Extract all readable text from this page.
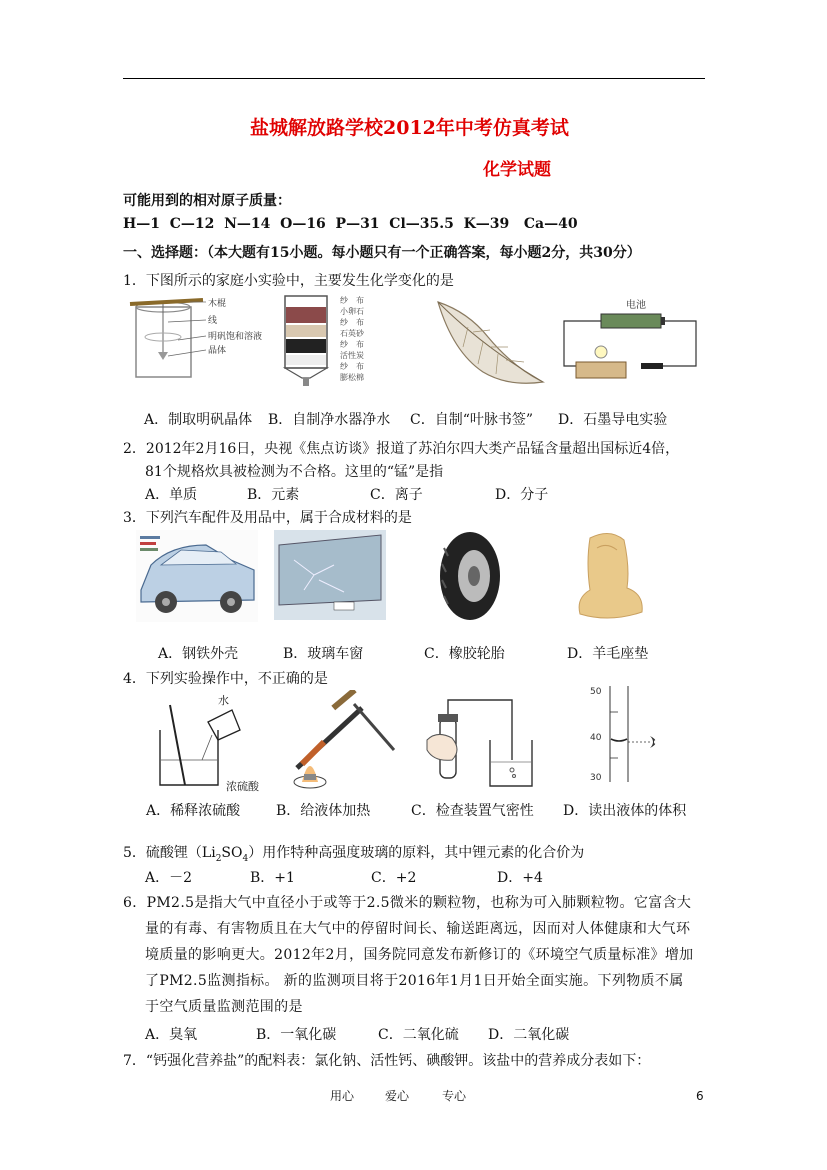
盐城解放路学校2012年中考仿真考试
化学试题
可能用到的相对原子质量：
H—1  C—12  N—14  O—16  P—31  Cl—35.5  K—39   Ca—40
一、选择题：（本大题有15小题。每小题只有一个正确答案，每小题2分，共30分）
1．下图所示的家庭小实验中，主要发生化学变化的是
木棍
线
明矾饱和溶液
晶体
纱　布
小卵石
纱　布
石英砂
纱　布
活性炭
纱　布
膨松棉
电池
A．制取明矾晶体 B．自制净水器净水 C．自制“叶脉书签” D．石墨导电实验
2．2012年2月16日，央视《焦点访谈》报道了苏泊尔四大类产品锰含量超出国标近4倍，
81个规格炊具被检测为不合格。这里的“锰”是指
A．单质	B．元素	C．离子	D．分子
3．下列汽车配件及用品中，属于合成材料的是
A．钢铁外壳	B．玻璃车窗	C．橡胶轮胎	D．羊毛座垫
4．下列实验操作中，不正确的是
水
浓硫酸
50
40
30
A．稀释浓硫酸	B．给液体加热	C．检查装置气密性 D．读出液体的体积
5．硫酸锂$(Li_2SO_4)$用作特种高强度玻璃的原料，其中锂元素的化合价为
A．－2	B．+1	C．+2	D．+4
6．PM2.5是指大气中直径小于或等于2.5微米的颗粒物，也称为可入肺颗粒物。它富含大
量的有毒、有害物质且在大气中的停留时间长、输送距离远，因而对人体健康和大气环
境质量的影响更大。2012年2月，国务院同意发布新修订的《环境空气质量标准》增加
了PM2.5监测指标。 新的监测项目将于2016年1月1日开始全面实施。下列物质不属
于空气质量监测范围的是
A．臭氧	B．一氧化碳	C．二氧化硫 D．二氧化碳
7．“钙强化营养盐”的配料表：氯化钠、活性钙、碘酸钾。该盐中的营养成分表如下：
用心	爱心	专心	6
